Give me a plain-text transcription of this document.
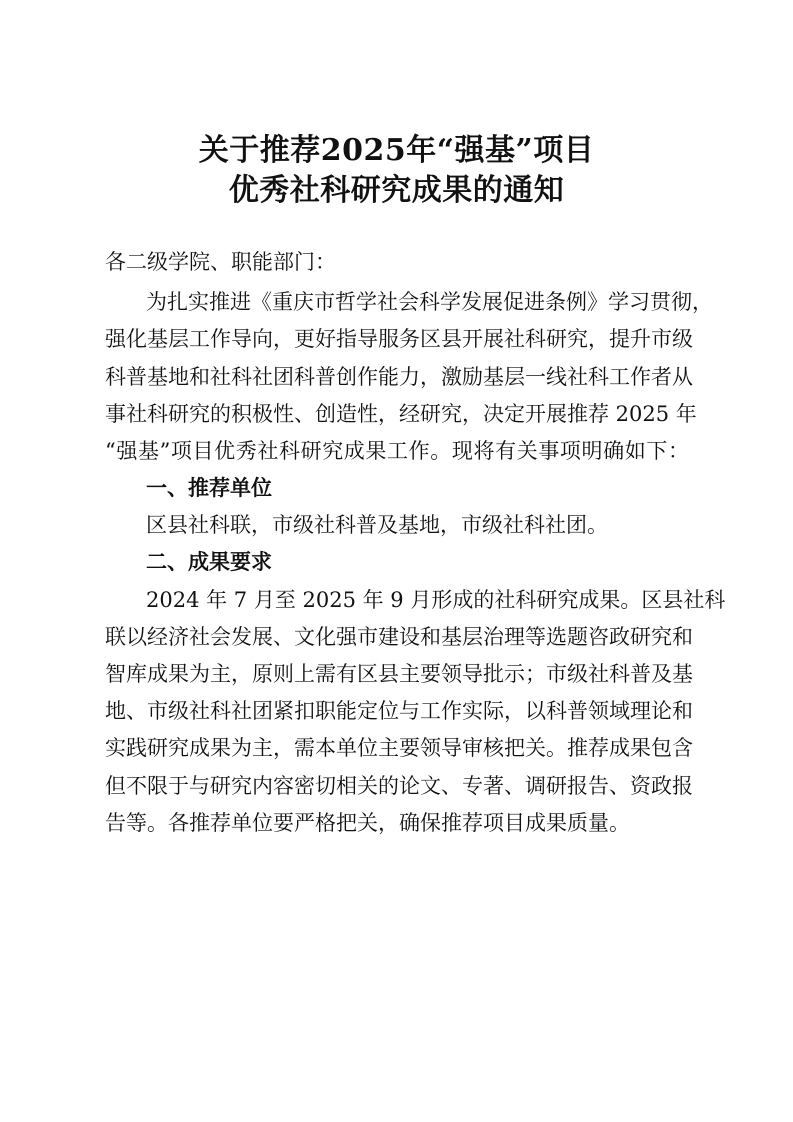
关于推荐2025年“强基”项目
优秀社科研究成果的通知

各二级学院、职能部门：

为扎实推进《重庆市哲学社会科学发展促进条例》学习贯彻，

强化基层工作导向，更好指导服务区县开展社科研究，提升市级

科普基地和社科社团科普创作能力，激励基层一线社科工作者从

事社科研究的积极性、创造性，经研究，决定开展推荐 2025 年

“强基”项目优秀社科研究成果工作。现将有关事项明确如下：

一、推荐单位

区县社科联，市级社科普及基地，市级社科社团。

二、成果要求

2024 年 7 月至 2025 年 9 月形成的社科研究成果。区县社科

联以经济社会发展、文化强市建设和基层治理等选题咨政研究和

智库成果为主，原则上需有区县主要领导批示；市级社科普及基

地、市级社科社团紧扣职能定位与工作实际，以科普领域理论和

实践研究成果为主，需本单位主要领导审核把关。推荐成果包含

但不限于与研究内容密切相关的论文、专著、调研报告、资政报

告等。各推荐单位要严格把关，确保推荐项目成果质量。
